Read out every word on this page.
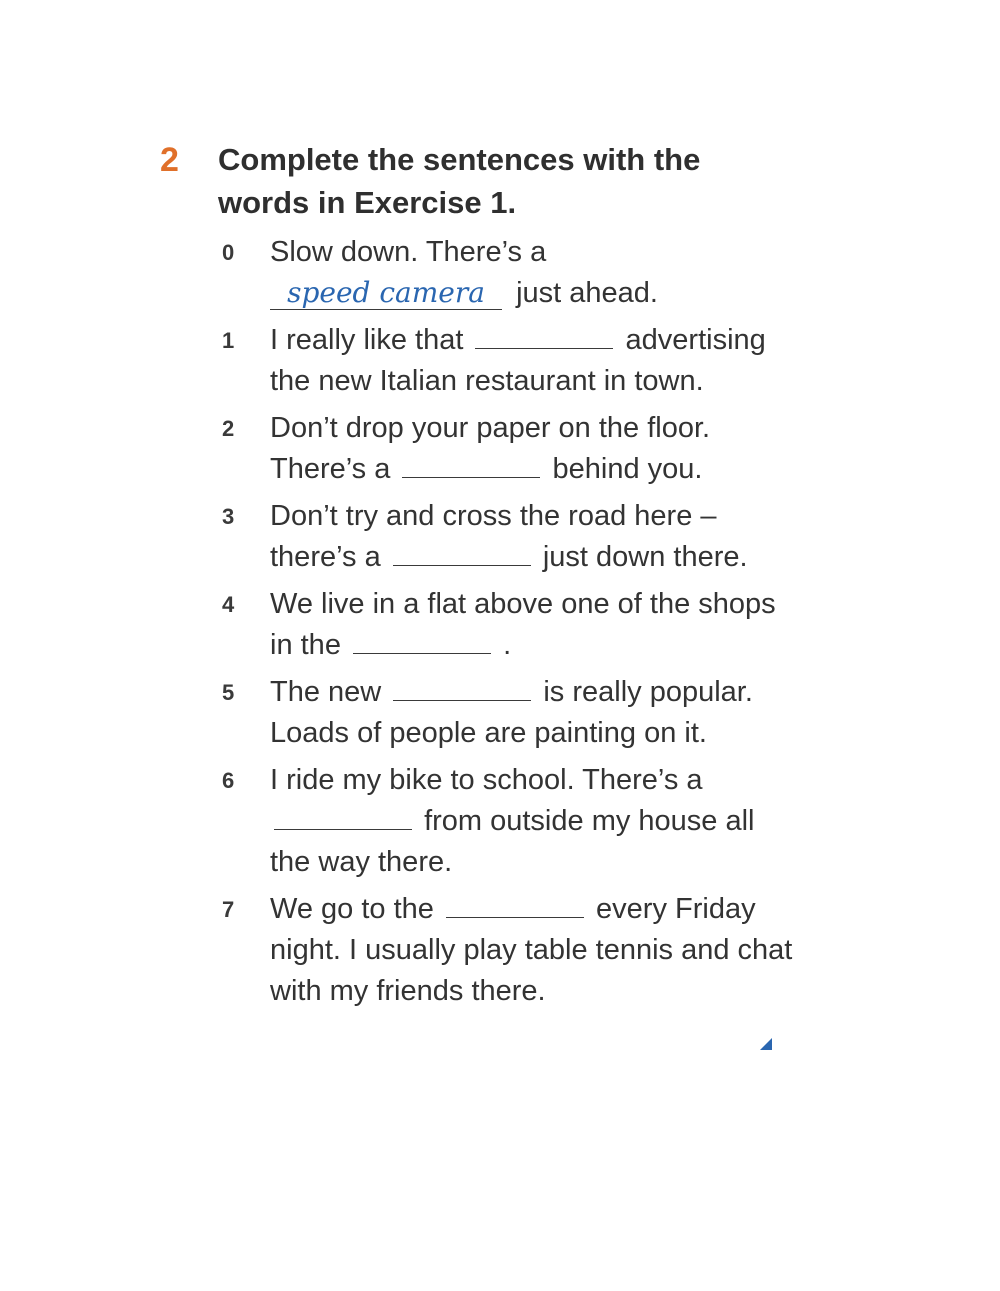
2	Complete the sentences with the words in Exercise 1.
0	Slow down. There’s a
speed camera just ahead.
1	I really like that	advertising the new Italian restaurant in town.
2	Don’t drop your paper on the floor. There’s a	behind you.
3	Don’t try and cross the road here – there’s a	just down there.
4	We live in a flat above one of the shops in the	.
5	The new	is really popular. Loads of people are painting on it.
6	I ride my bike to school. There’s a
from outside my house all the way there.
7	We go to the	every Friday night. I usually play table tennis and chat with my friends there.
